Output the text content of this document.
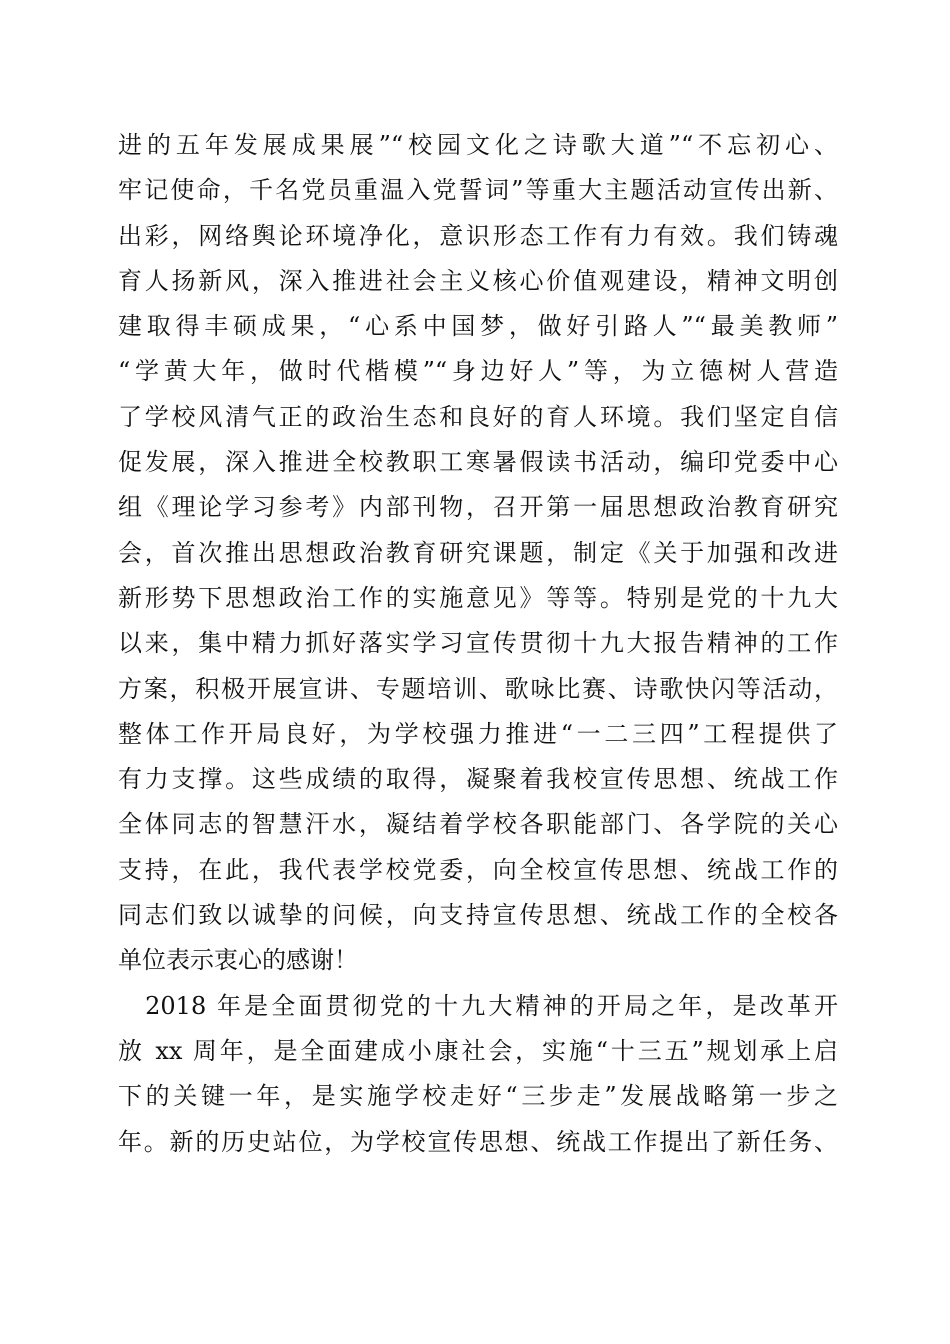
进的五年发展成果展”“校园文化之诗歌大道”“不忘初心、
牢记使命，千名党员重温入党誓词”等重大主题活动宣传出新、
出彩，网络舆论环境净化，意识形态工作有力有效。我们铸魂
育人扬新风，深入推进社会主义核心价值观建设，精神文明创
建取得丰硕成果，“心系中国梦，做好引路人”“最美教师”
“学黄大年，做时代楷模”“身边好人”等，为立德树人营造
了学校风清气正的政治生态和良好的育人环境。我们坚定自信
促发展，深入推进全校教职工寒暑假读书活动，编印党委中心
组《理论学习参考》内部刊物，召开第一届思想政治教育研究
会，首次推出思想政治教育研究课题，制定《关于加强和改进
新形势下思想政治工作的实施意见》等等。特别是党的十九大
以来，集中精力抓好落实学习宣传贯彻十九大报告精神的工作
方案，积极开展宣讲、专题培训、歌咏比赛、诗歌快闪等活动，
整体工作开局良好，为学校强力推进“一二三四”工程提供了
有力支撑。这些成绩的取得，凝聚着我校宣传思想、统战工作
全体同志的智慧汗水，凝结着学校各职能部门、各学院的关心
支持，在此，我代表学校党委，向全校宣传思想、统战工作的
同志们致以诚挚的问候，向支持宣传思想、统战工作的全校各
单位表示衷心的感谢！
　2018 年是全面贯彻党的十九大精神的开局之年，是改革开
放 xx 周年，是全面建成小康社会，实施“十三五”规划承上启
下的关键一年，是实施学校走好“三步走”发展战略第一步之
年。新的历史站位，为学校宣传思想、统战工作提出了新任务、
